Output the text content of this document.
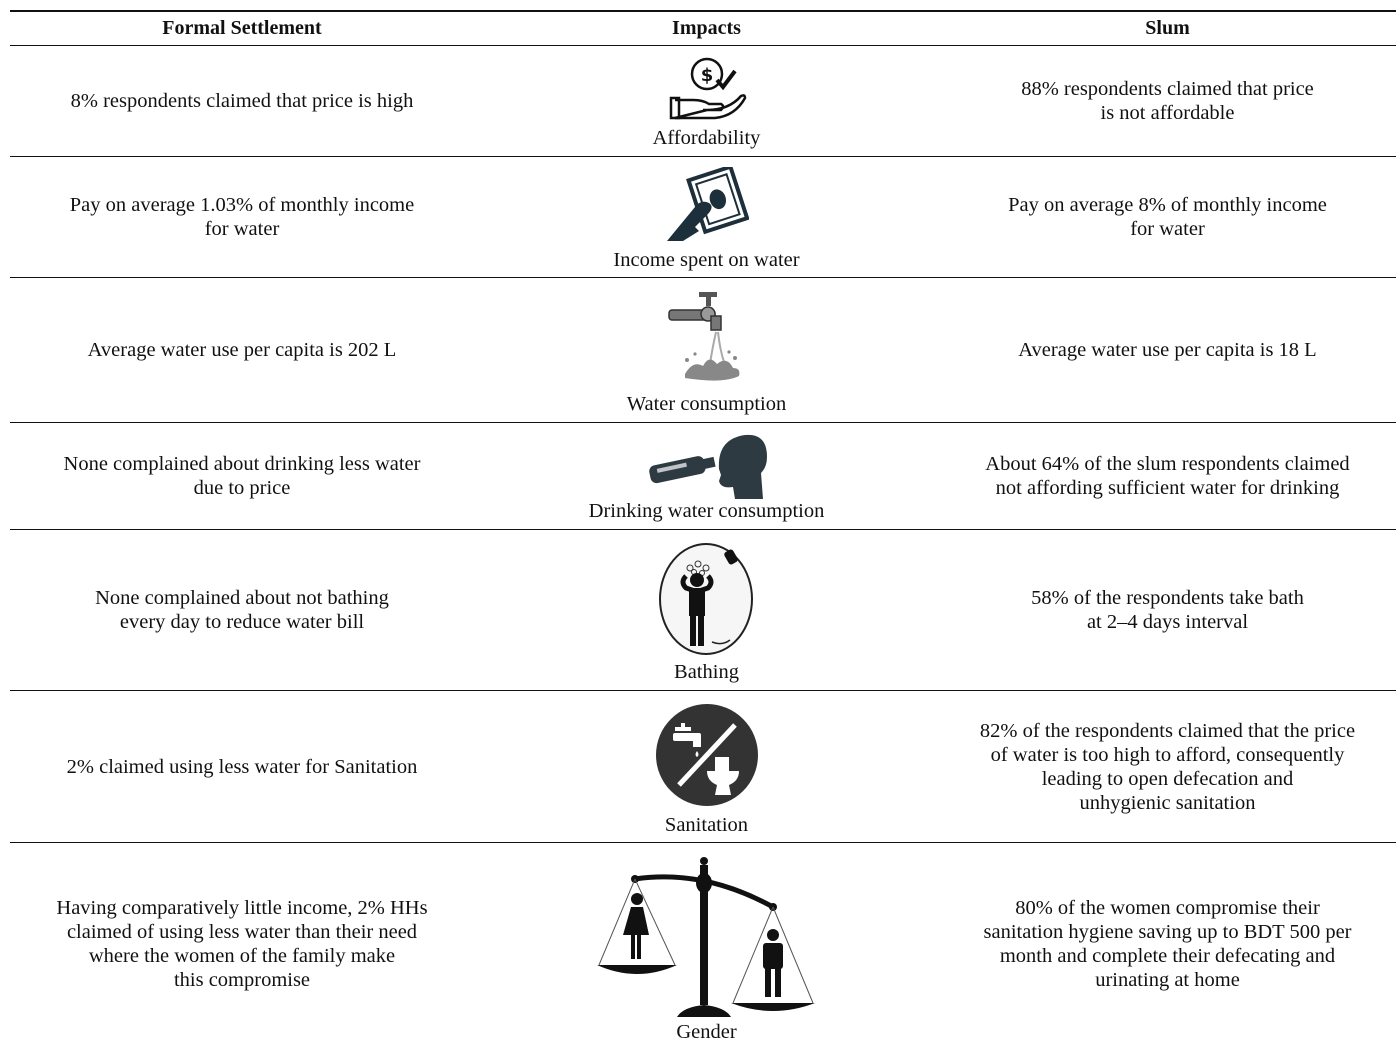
Formal Settlement	Impacts	Slum
8% respondents claimed that price is high
$
Affordability
88% respondents claimed that price
is not affordable
Pay on average 1.03% of monthly income
for water
Income spent on water
Pay on average 8% of monthly income
for water
Average water use per capita is 202 L
Water consumption
Average water use per capita is 18 L
None complained about drinking less water
due to price
Drinking water consumption
About 64% of the slum respondents claimed
not affording sufficient water for drinking
None complained about not bathing
every day to reduce water bill
Bathing
58% of the respondents take bath
at 2–4 days interval
2% claimed using less water for Sanitation
Sanitation
82% of the respondents claimed that the price
of water is too high to afford, consequently
leading to open defecation and
unhygienic sanitation
Having comparatively little income, 2% HHs
claimed of using less water than their need
where the women of the family make
this compromise
Gender
80% of the women compromise their
sanitation hygiene saving up to BDT 500 per
month and complete their defecating and
urinating at home
